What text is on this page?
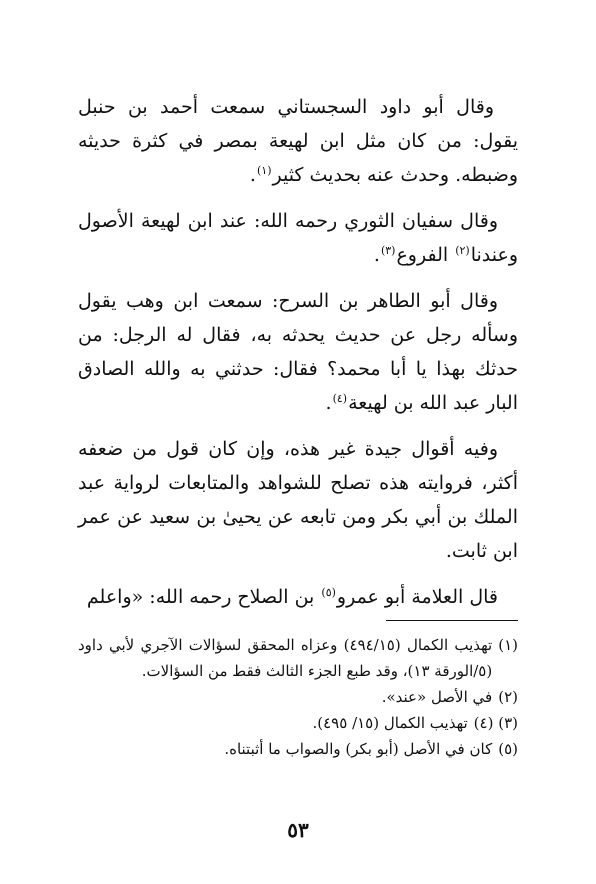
وقال أبو داود السجستاني سمعت أحمد بن حنبل يقول: من كان مثل ابن لهيعة بمصر في كثرة حديثه وضبطه. وحدث عنه بحديث كثير$^{(١)}$.

وقال سفيان الثوري رحمه الله: عند ابن لهيعة الأصول وعندنا$^{(٢)}$ الفروع$^{(٣)}$.

وقال أبو الطاهر بن السرح: سمعت ابن وهب يقول وسأله رجل عن حديث يحدثه به، فقال له الرجل: من حدثك بهذا يا أبا محمد؟ فقال: حدثني به والله الصادق البار عبد الله بن لهيعة$^{(٤)}$.

وفيه أقوال جيدة غير هذه، وإن كان قول من ضعفه أكثر، فروايته هذه تصلح للشواهد والمتابعات لرواية عبد الملك بن أبي بكر ومن تابعه عن يحيىٰ بن سعيد عن عمر ابن ثابت.

قال العلامة أبو عمرو$^{(٥)}$ بن الصلاح رحمه الله: «واعلم

(١)
تهذيب الكمال (٤٩٤/١٥) وعزاه المحقق لسؤالات الآجري لأبي داود (٥/الورقة ١٣)، وقد طبع الجزء الثالث فقط من السؤالات.
(٢)
في الأصل «عند».
(٣) (٤)
تهذيب الكمال (١٥/ ٤٩٥).
(٥)
كان في الأصل (أبو بكر) والصواب ما أثبتناه.
٥٣
